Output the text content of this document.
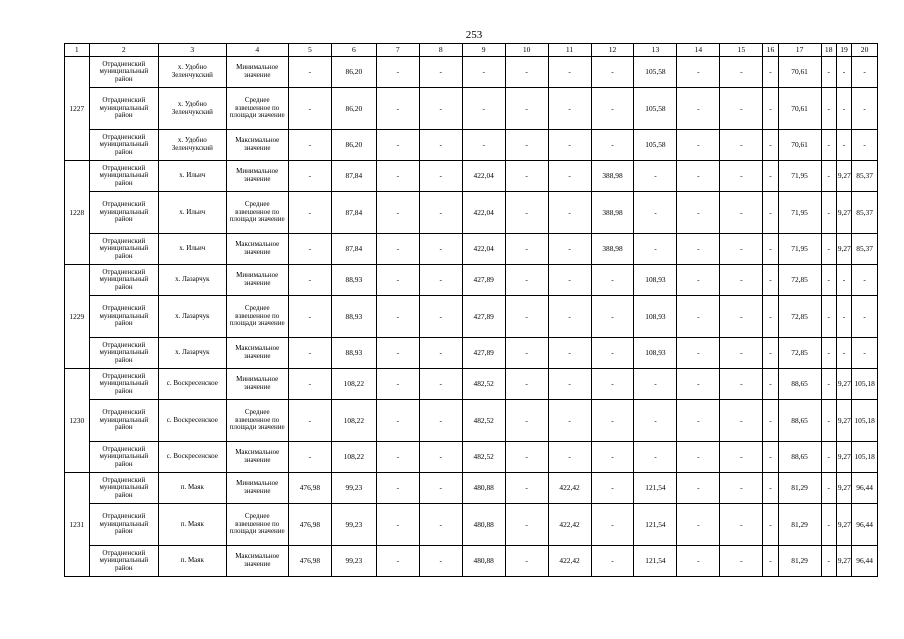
253
1	2	3	4	5	6	7	8	9	10	11	12	13	14	15	16	17	18	19	20
1227	Отрадненский муниципальный район	х. Удобно Зеленчукский	Минимальное значение	-	86,20	-	-	-	-	-	-	105,58	-	-	-	70,61	-	-	-
	Отрадненский муниципальный район	х. Удобно Зеленчукский	Среднее взвешенное по площади значение	-	86,20	-	-	-	-	-	-	105,58	-	-	-	70,61	-	-	-
	Отрадненский муниципальный район	х. Удобно Зеленчукский	Максимальное значение	-	86,20	-	-	-	-	-	-	105,58	-	-	-	70,61	-	-	-
1228	Отрадненский муниципальный район	х. Ильич	Минимальное значение	-	87,84	-	-	422,04	-	-	388,98	-	-	-	-	71,95	-	9,27	85,37
	Отрадненский муниципальный район	х. Ильич	Среднее взвешенное по площади значение	-	87,84	-	-	422,04	-	-	388,98	-	-	-	-	71,95	-	9,27	85,37
	Отрадненский муниципальный район	х. Ильич	Максимальное значение	-	87,84	-	-	422,04	-	-	388,98	-	-	-	-	71,95	-	9,27	85,37
1229	Отрадненский муниципальный район	х. Лазарчук	Минимальное значение	-	88,93	-	-	427,89	-	-	-	108,93	-	-	-	72,85	-	-	-
	Отрадненский муниципальный район	х. Лазарчук	Среднее взвешенное по площади значение	-	88,93	-	-	427,89	-	-	-	108,93	-	-	-	72,85	-	-	-
	Отрадненский муниципальный район	х. Лазарчук	Максимальное значение	-	88,93	-	-	427,89	-	-	-	108,93	-	-	-	72,85	-	-	-
1230	Отрадненский муниципальный район	с. Воскресенское	Минимальное значение	-	108,22	-	-	482,52	-	-	-	-	-	-	-	88,65	-	9,27	105,18
	Отрадненский муниципальный район	с. Воскресенское	Среднее взвешенное по площади значение	-	108,22	-	-	482,52	-	-	-	-	-	-	-	88,65	-	9,27	105,18
	Отрадненский муниципальный район	с. Воскресенское	Максимальное значение	-	108,22	-	-	482,52	-	-	-	-	-	-	-	88,65	-	9,27	105,18
1231	Отрадненский муниципальный район	п. Маяк	Минимальное значение	476,98	99,23	-	-	480,88	-	422,42	-	121,54	-	-	-	81,29	-	9,27	96,44
	Отрадненский муниципальный район	п. Маяк	Среднее взвешенное по площади значение	476,98	99,23	-	-	480,88	-	422,42	-	121,54	-	-	-	81,29	-	9,27	96,44
	Отрадненский муниципальный район	п. Маяк	Максимальное значение	476,98	99,23	-	-	480,88	-	422,42	-	121,54	-	-	-	81,29	-	9,27	96,44
